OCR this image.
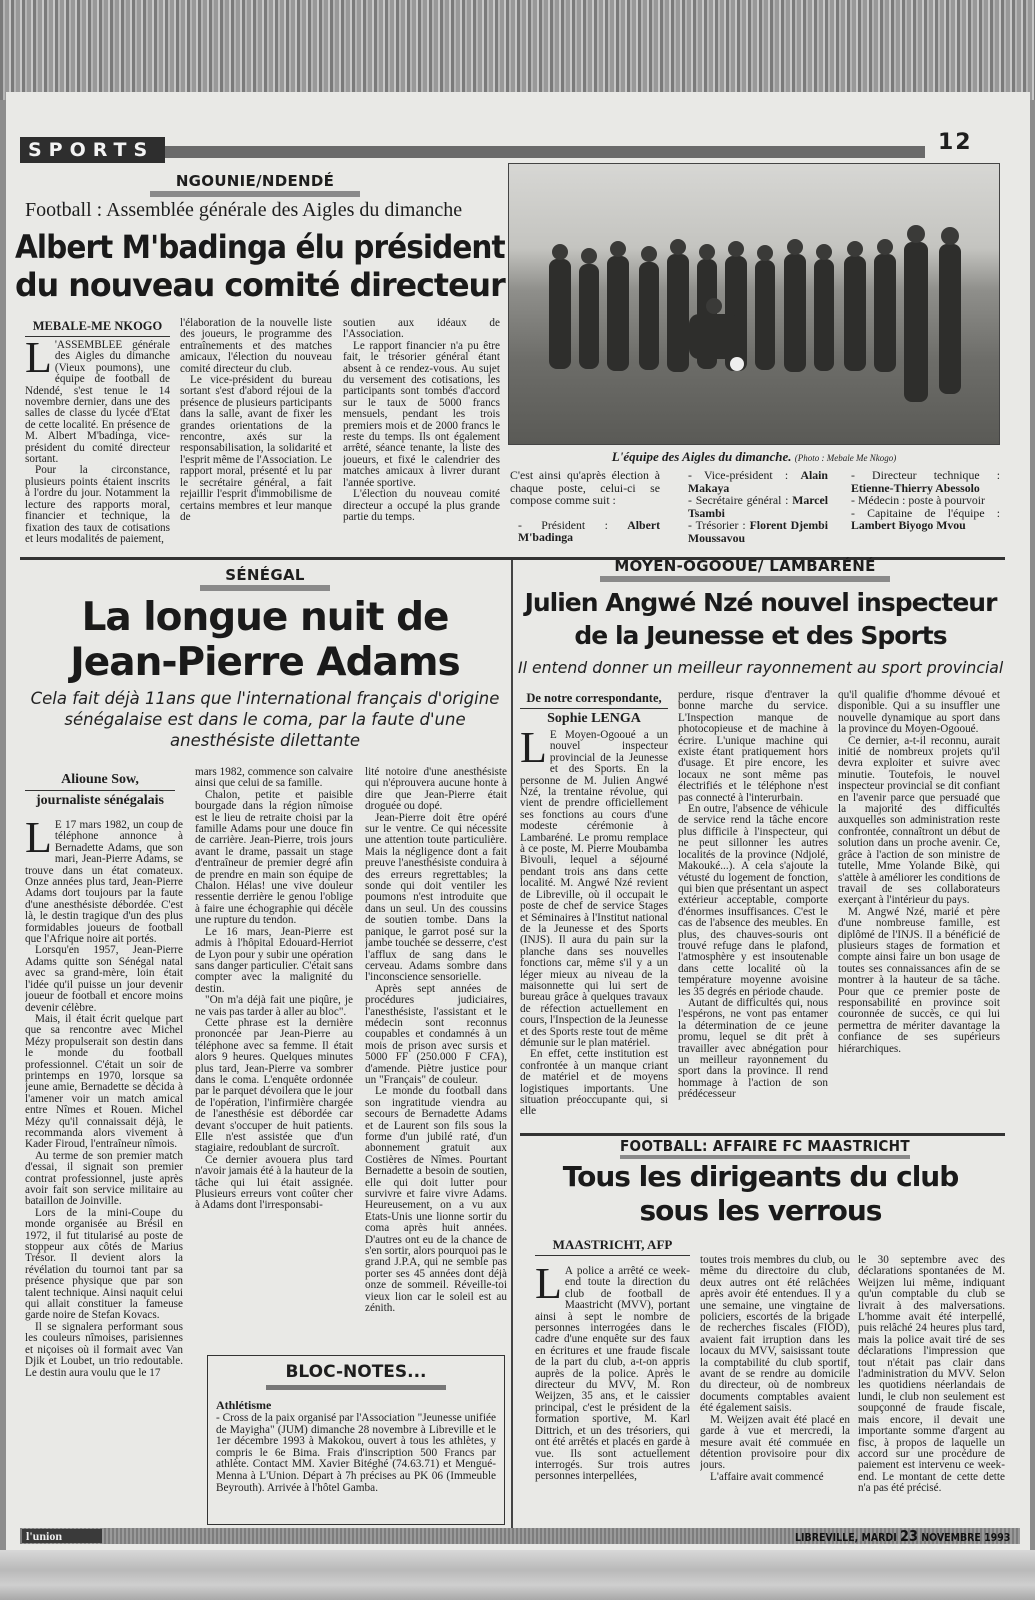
SPORTS	12
NGOUNIE/NDENDÉ
Football : Assemblée générale des Aigles du dimanche
Albert M'badinga élu président
du nouveau comité directeur
MEBALE-ME NKOGO
L 'ASSEMBLEE générale des Aigles du dimanche (Vieux poumons), une équipe de football de Ndendé, s'est tenue le 14 novembre dernier, dans une des salles de classe du lycée d'Etat de cette localité. En présence de M. Albert M'badinga, vice-président du comité directeur sortant.

Pour la circonstance, plusieurs points étaient inscrits à l'ordre du jour. Notamment la lecture des rapports moral, financier et technique, la fixation des taux de cotisations et leurs modalités de paiement,

l'élaboration de la nouvelle liste des joueurs, le programme des entraînements et des matches amicaux, l'élection du nouveau comité directeur du club.

Le vice-président du bureau sortant s'est d'abord réjoui de la présence de plusieurs participants dans la salle, avant de fixer les grandes orientations de la rencontre, axés sur la responsabilisation, la solidarité et l'esprit même de l'Association. Le rapport moral, présenté et lu par le secrétaire général, a fait rejaillir l'esprit d'immobilisme de certains membres et leur manque de

soutien aux idéaux de l'Association.

Le rapport financier n'a pu être fait, le trésorier général étant absent à ce rendez-vous. Au sujet du versement des cotisations, les participants sont tombés d'accord sur le taux de 5000 francs mensuels, pendant les trois premiers mois et de 2000 francs le reste du temps. Ils ont également arrêté, séance tenante, la liste des joueurs, et fixé le calendrier des matches amicaux à livrer durant l'année sportive.

L'élection du nouveau comité directeur a occupé la plus grande partie du temps.

L'équipe des Aigles du dimanche. (Photo : Mebale Me Nkogo)
C'est ainsi qu'après élection à chaque poste, celui-ci se compose comme suit :
- Président : Albert M'badinga
- Vice-président : Alain Makaya
- Secrétaire général : Marcel Tsambi
- Trésorier : Florent Djembi Moussavou
- Directeur technique : Etienne-Thierry Abessolo
- Médecin : poste à pourvoir
- Capitaine de l'équipe : Lambert Biyogo Mvou
SÉNÉGAL
La longue nuit de
Jean-Pierre Adams
Cela fait déjà 11ans que l'international français d'origine sénégalaise est dans le coma, par la faute d'une anesthésiste dilettante
Alioune Sow,
journaliste sénégalais
L E 17 mars 1982, un coup de téléphone annonce à Bernadette Adams, que son mari, Jean-Pierre Adams, se trouve dans un état comateux. Onze années plus tard, Jean-Pierre Adams dort toujours par la faute d'une anesthésiste débordée. C'est là, le destin tragique d'un des plus formidables joueurs de football que l'Afrique noire ait portés.

Lorsqu'en 1957, Jean-Pierre Adams quitte son Sénégal natal avec sa grand-mère, loin était l'idée qu'il puisse un jour devenir joueur de football et encore moins devenir célèbre.

Mais, il était écrit quelque part que sa rencontre avec Michel Mézy propulserait son destin dans le monde du football professionnel. C'était un soir de printemps en 1970, lorsque sa jeune amie, Bernadette se décida à l'amener voir un match amical entre Nîmes et Rouen. Michel Mézy qu'il connaissait déjà, le recommanda alors vivement à Kader Firoud, l'entraîneur nîmois.

Au terme de son premier match d'essai, il signait son premier contrat professionnel, juste après avoir fait son service militaire au bataillon de Joinville.

Lors de la mini-Coupe du monde organisée au Brésil en 1972, il fut titularisé au poste de stoppeur aux côtés de Marius Trésor. Il devient alors la révélation du tournoi tant par sa présence physique que par son talent technique. Ainsi naquit celui qui allait constituer la fameuse garde noire de Stefan Kovacs.

Il se signalera performant sous les couleurs nîmoises, parisiennes et niçoises où il formait avec Van Djik et Loubet, un trio redoutable. Le destin aura voulu que le 17

mars 1982, commence son calvaire ainsi que celui de sa famille.

Chalon, petite et paisible bourgade dans la région nîmoise est le lieu de retraite choisi par la famille Adams pour une douce fin de carrière. Jean-Pierre, trois jours avant le drame, passait un stage d'entraîneur de premier degré afin de prendre en main son équipe de Chalon. Hélas! une vive douleur ressentie derrière le genou l'oblige à faire une échographie qui décèle une rupture du tendon.

Le 16 mars, Jean-Pierre est admis à l'hôpital Edouard-Herriot de Lyon pour y subir une opération sans danger particulier. C'était sans compter avec la malignité du destin.

"On m'a déjà fait une piqûre, je ne vais pas tarder à aller au bloc".

Cette phrase est la dernière prononcée par Jean-Pierre au téléphone avec sa femme. Il était alors 9 heures. Quelques minutes plus tard, Jean-Pierre va sombrer dans le coma. L'enquête ordonnée par le parquet dévoilera que le jour de l'opération, l'infirmière chargée de l'anesthésie est débordée car devant s'occuper de huit patients. Elle n'est assistée que d'un stagiaire, redoublant de surcroît.

Ce dernier avouera plus tard n'avoir jamais été à la hauteur de la tâche qui lui était assignée. Plusieurs erreurs vont coûter cher à Adams dont l'irresponsabi-

lité notoire d'une anesthésiste qui n'éprouvera aucune honte à dire que Jean-Pierre était droguée ou dopé.

Jean-Pierre doit être opéré sur le ventre. Ce qui nécessite une attention toute particulière. Mais la négligence dont a fait preuve l'anesthésiste conduira à des erreurs regrettables; la sonde qui doit ventiler les poumons n'est introduite que dans un seul. Un des coussins de soutien tombe. Dans la panique, le garrot posé sur la jambe touchée se desserre, c'est l'afflux de sang dans le cerveau. Adams sombre dans l'inconscience sensorielle.

Après sept années de procédures judiciaires, l'anesthésiste, l'assistant et le médecin sont reconnus coupables et condamnés à un mois de prison avec sursis et 5000 FF (250.000 F CFA), d'amende. Piètre justice pour un "Français" de couleur.

Le monde du football dans son ingratitude viendra au secours de Bernadette Adams et de Laurent son fils sous la forme d'un jubilé raté, d'un abonnement gratuit aux Costières de Nîmes. Pourtant Bernadette a besoin de soutien, elle qui doit lutter pour survivre et faire vivre Adams. Heureusement, on a vu aux Etats-Unis une lionne sortir du coma après huit années. D'autres ont eu de la chance de s'en sortir, alors pourquoi pas le grand J.P.A, qui ne semble pas porter ses 45 années dont déjà onze de sommeil. Réveille-toi vieux lion car le soleil est au zénith.

BLOC-NOTES...
Athlétisme
- Cross de la paix organisé par l'Association "Jeunesse unifiée de Mayigha" (JUM) dimanche 28 novembre à Libreville et le 1er décembre 1993 à Makokou, ouvert à tous les athlètes, y compris le 6e Bima. Frais d'inscription 500 Francs par athlète. Contact MM. Xavier Bitéghé (74.63.71) et Mengué-Menna à L'Union. Départ à 7h précises au PK 06 (Immeuble Beyrouth). Arrivée à l'hôtel Gamba.
MOYEN-OGOOUE/ LAMBARÉNÉ
Julien Angwé Nzé nouvel inspecteur
de la Jeunesse et des Sports
Il entend donner un meilleur rayonnement au sport provincial
De notre correspondante,
Sophie LENGA
L E Moyen-Ogooué a un nouvel inspecteur provincial de la Jeunesse et des Sports. En la personne de M. Julien Angwé Nzé, la trentaine révolue, qui vient de prendre officiellement ses fonctions au cours d'une modeste cérémonie à Lambaréné. Le promu remplace à ce poste, M. Pierre Moubamba Bivouli, lequel a séjourné pendant trois ans dans cette localité. M. Angwé Nzé revient de Libreville, où il occupait le poste de chef de service Stages et Séminaires à l'Institut national de la Jeunesse et des Sports (INJS). Il aura du pain sur la planche dans ses nouvelles fonctions car, même s'il y a un léger mieux au niveau de la maisonnette qui lui sert de bureau grâce à quelques travaux de réfection actuellement en cours, l'Inspection de la Jeunesse et des Sports reste tout de même démunie sur le plan matériel.

En effet, cette institution est confrontée à un manque criant de matériel et de moyens logistiques importants. Une situation préoccupante qui, si elle

perdure, risque d'entraver la bonne marche du service. L'Inspection manque de photocopieuse et de machine à écrire. L'unique machine qui existe étant pratiquement hors d'usage. Et pire encore, les locaux ne sont même pas électrifiés et le téléphone n'est pas connecté à l'interurbain.

En outre, l'absence de véhicule de service rend la tâche encore plus difficile à l'inspecteur, qui ne peut sillonner les autres localités de la province (Ndjolé, Makouké...). A cela s'ajoute la vétusté du logement de fonction, qui bien que présentant un aspect extérieur acceptable, comporte d'énormes insuffisances. C'est le cas de l'absence des meubles. En plus, des chauves-souris ont trouvé refuge dans le plafond, l'atmosphère y est insoutenable dans cette localité où la température moyenne avoisine les 35 degrés en période chaude.

Autant de difficultés qui, nous l'espérons, ne vont pas entamer la détermination de ce jeune promu, lequel se dit prêt à travailler avec abnégation pour un meilleur rayonnement du sport dans la province. Il rend hommage à l'action de son prédécesseur

qu'il qualifie d'homme dévoué et disponible. Qui a su insuffler une nouvelle dynamique au sport dans la province du Moyen-Ogooué.

Ce dernier, a-t-il reconnu, aurait initié de nombreux projets qu'il devra exploiter et suivre avec minutie. Toutefois, le nouvel inspecteur provincial se dit confiant en l'avenir parce que persuadé que la majorité des difficultés auxquelles son administration reste confrontée, connaîtront un début de solution dans un proche avenir. Ce, grâce à l'action de son ministre de tutelle, Mme Yolande Bikè, qui s'attèle à améliorer les conditions de travail de ses collaborateurs exerçant à l'intérieur du pays.

M. Angwé Nzé, marié et père d'une nombreuse famille, est diplômé de l'INJS. Il a bénéficié de plusieurs stages de formation et compte ainsi faire un bon usage de toutes ses connaissances afin de se montrer à la hauteur de sa tâche. Pour que ce premier poste de responsabilité en province soit couronnée de succès, ce qui lui permettra de mériter davantage la confiance de ses supérieurs hiérarchiques.

FOOTBALL: AFFAIRE FC MAASTRICHT
Tous les dirigeants du club
sous les verrous
MAASTRICHT, AFP
L A police a arrêté ce week-end toute la direction du club de football de Maastricht (MVV), portant ainsi à sept le nombre de personnes interrogées dans le cadre d'une enquête sur des faux en écritures et une fraude fiscale de la part du club, a-t-on appris auprès de la police. Après le directeur du MVV, M. Ron Weijzen, 35 ans, et le caissier principal, c'est le président de la formation sportive, M. Karl Dittrich, et un des trésoriers, qui ont été arrêtés et placés en garde à vue. Ils sont actuellement interrogés. Sur trois autres personnes interpellées,

toutes trois membres du club, ou même du directoire du club, deux autres ont été relâchées après avoir été entendues. Il y a une semaine, une vingtaine de policiers, escortés de la brigade de recherches fiscales (FIOD), avaient fait irruption dans les locaux du MVV, saisissant toute la comptabilité du club sportif, avant de se rendre au domicile du directeur, où de nombreux documents comptables avaient été également saisis.

M. Weijzen avait été placé en garde à vue et mercredi, la mesure avait été commuée en détention provisoire pour dix jours.

L'affaire avait commencé

le 30 septembre avec des déclarations spontanées de M. Weijzen lui même, indiquant qu'un comptable du club se livrait à des malversations. L'homme avait été interpellé, puis relâché 24 heures plus tard, mais la police avait tiré de ses déclarations l'impression que tout n'était pas clair dans l'administration du MVV. Selon les quotidiens néerlandais de lundi, le club non seulement est soupçonné de fraude fiscale, mais encore, il devait une importante somme d'argent au fisc, à propos de laquelle un accord sur une procédure de paiement est intervenu ce week-end. Le montant de cette dette n'a pas été précisé.

l'union	LIBREVILLE, MARDI 23 NOVEMBRE 1993
